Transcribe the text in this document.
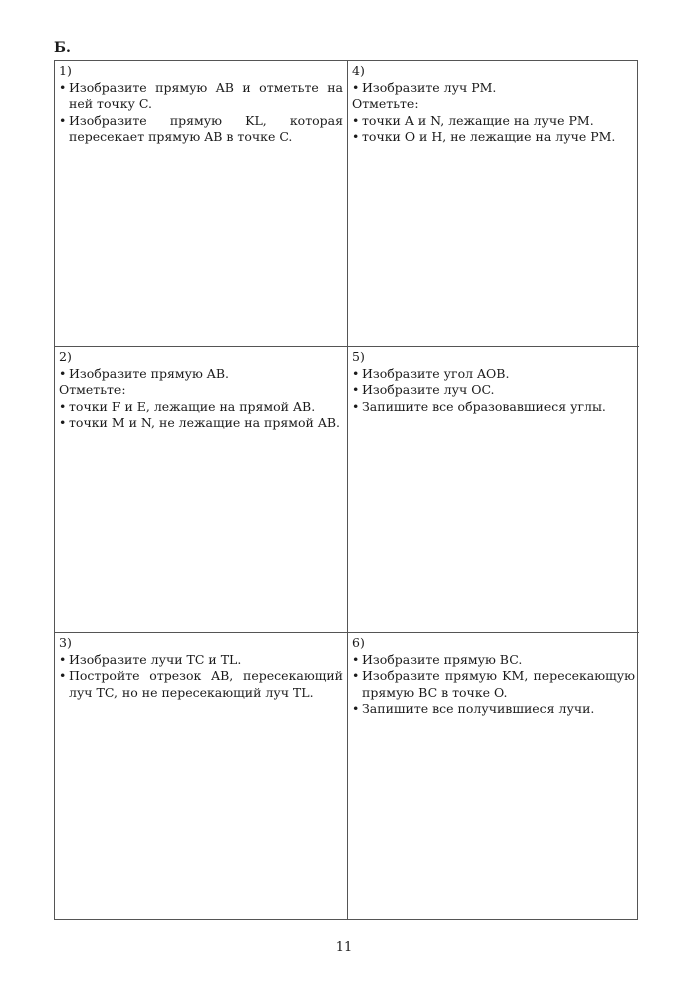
Б.
1)
• Изобразите прямую AB и отметьте на ней точку C.
• Изобразите прямую KL, которая пересекает прямую AB в точке C.
4)
• Изобразите луч PM.
Отметьте:
• точки A и N, лежащие на луче PM.
• точки O и H, не лежащие на луче PM.
2)
• Изобразите прямую AB.
Отметьте:
• точки F и E, лежащие на прямой AB.
• точки M и N, не лежащие на прямой AB.
5)
• Изобразите угол AOB.
• Изобразите луч OC.
• Запишите все образовавшиеся углы.
3)
• Изобразите лучи TC и TL.
• Постройте отрезок AB, пересекающий луч TC, но не пересекающий луч TL.
6)
• Изобразите прямую BC.
• Изобразите прямую KM, пересекающую прямую BC в точке O.
• Запишите все получившиеся лучи.
11
